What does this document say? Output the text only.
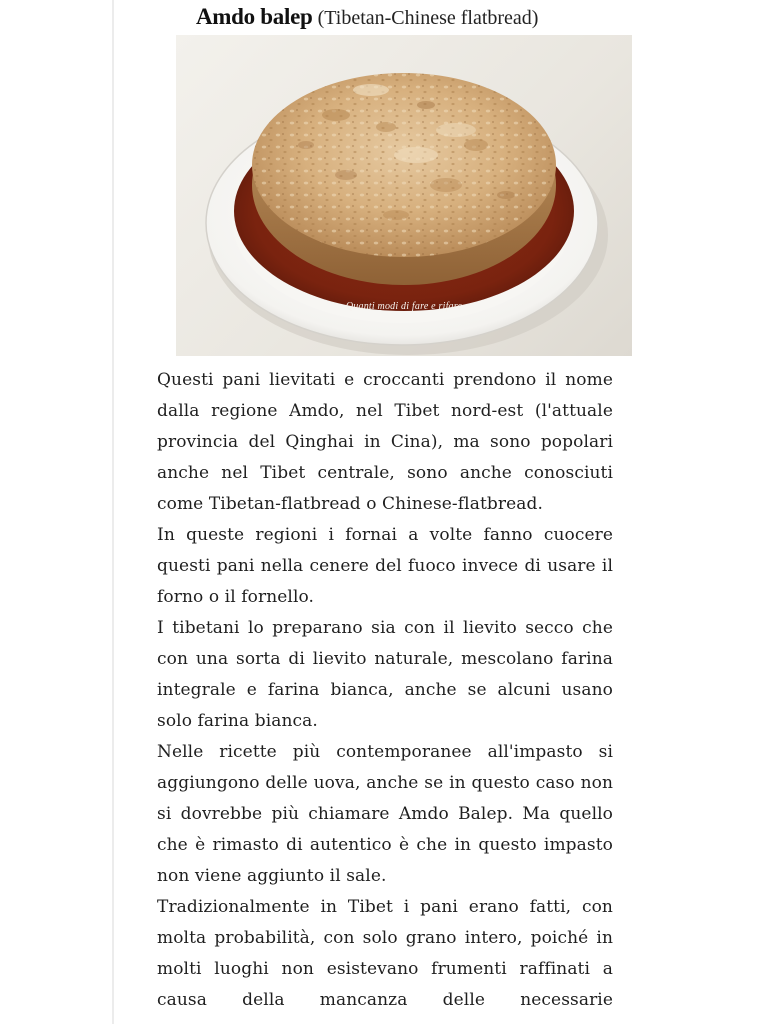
Amdo balep (Tibetan-Chinese flatbread)
Quanti modi di fare e rifare

Questi pani lievitati e croccanti prendono il nome dalla regione Amdo, nel Tibet nord-est (l'attuale provincia del Qinghai in Cina), ma sono popolari anche nel Tibet centrale, sono anche conosciuti come Tibetan-flatbread o Chinese-flatbread.

In queste regioni i fornai a volte fanno cuocere questi pani nella cenere del fuoco invece di usare il forno o il fornello.

I tibetani lo preparano sia con il lievito secco che con una sorta di lievito naturale, mescolano farina integrale e farina bianca, anche se alcuni usano solo farina bianca.

Nelle ricette più contemporanee all'impasto si aggiungono delle uova, anche se in questo caso non si dovrebbe più chiamare Amdo Balep. Ma quello che è rimasto di autentico è che in questo impasto non viene aggiunto il sale.

Tradizionalmente in Tibet i pani erano fatti, con molta probabilità, con solo grano intero, poiché in molti luoghi non esistevano frumenti raffinati a causa della mancanza delle necessarie
